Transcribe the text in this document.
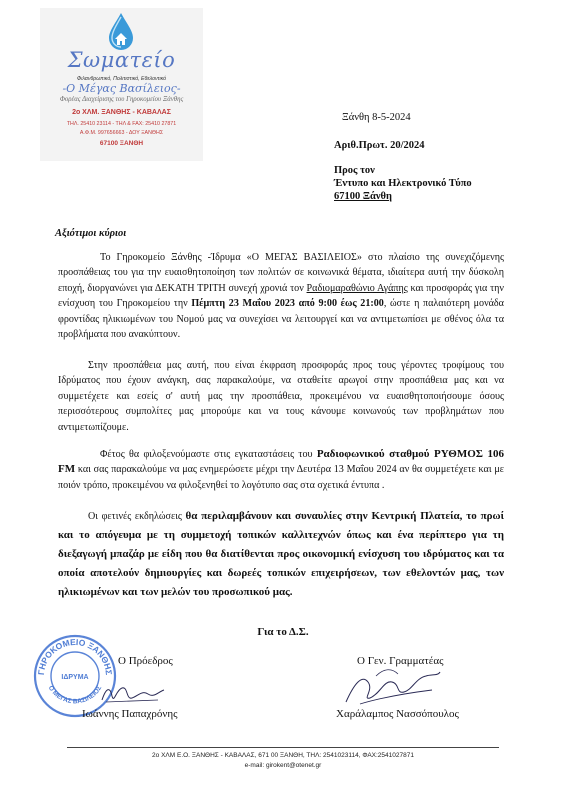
Σωματείο
Φιλανθρωπικό, Πολιτιστικό, Εθελοντικό
-Ο Μέγας Βασίλειος-
Φορέας Διαχείρισης του Γηροκομείου Ξάνθης
2ο ΧΛΜ. ΞΑΝΘΗΣ - ΚΑΒΑΛΑΣ
ΤΗΛ. 25410 23114 - ΤΗΛ & FAX: 25410 27871
Α.Φ.Μ. 997656663 - ΔΟΥ ΞΑΝΘΗΣ
67100 ΞΑΝΘΗ
Ξάνθη 8-5-2024
Αριθ.Πρωτ. 20/2024
Προς τον
Έντυπο και Ηλεκτρονικό Τύπο
67100 Ξάνθη
Αξιότιμοι κύριοι

Το Γηροκομείο Ξάνθης -Ίδρυμα «Ο ΜΕΓΑΣ ΒΑΣΙΛΕΙΟΣ» στο πλαίσιο της συνεχιζόμενης προσπάθειας του για την ευαισθητοποίηση των πολιτών σε κοινωνικά θέματα, ιδιαίτερα αυτή την δύσκολη εποχή, διοργανώνει για ΔΕΚΑΤΗ ΤΡΙΤΗ συνεχή χρονιά τον Ραδιομαραθώνιο Αγάπης και προσφοράς για την ενίσχυση του Γηροκομείου την Πέμπτη 23 Μαΐου 2023 από 9:00 έως 21:00, ώστε η παλαιότερη μονάδα φροντίδας ηλικιωμένων του Νομού μας να συνεχίσει να λειτουργεί και να αντιμετωπίσει με σθένος όλα τα προβλήματα που ανακύπτουν.

Στην προσπάθεια μας αυτή, που είναι έκφραση προσφοράς προς τους γέροντες τροφίμους του Ιδρύματος που έχουν ανάγκη, σας παρακαλούμε, να σταθείτε αρωγοί στην προσπάθεια μας και να συμμετέχετε και εσείς σ' αυτή μας την προσπάθεια, προκειμένου να ευαισθητοποιήσουμε όσους περισσότερους συμπολίτες μας μπορούμε και να τους κάνουμε κοινωνούς των προβλημάτων που αντιμετωπίζουμε.

Φέτος θα φιλοξενούμαστε στις εγκαταστάσεις του Ραδιοφωνικού σταθμού ΡΥΘΜΟΣ 106 FM και σας παρακαλούμε να μας ενημερώσετε μέχρι την Δευτέρα 13 Μαΐου 2024 αν θα συμμετέχετε και με ποιόν τρόπο, προκειμένου να φιλοξενηθεί το λογότυπο σας στα σχετικά έντυπα .

Οι φετινές εκδηλώσεις θα περιλαμβάνουν και συναυλίες στην Κεντρική Πλατεία, το πρωί και το απόγευμα με τη συμμετοχή τοπικών καλλιτεχνών όπως και ένα περίπτερο για τη διεξαγωγή μπαζάρ με είδη που θα διατίθενται προς οικονομική ενίσχυση του ιδρύματος και τα οποία αποτελούν δημιουργίες και δωρεές τοπικών επιχειρήσεων, των εθελοντών μας, των ηλικιωμένων και των μελών του προσωπικού μας.

Για το Δ.Σ.
Ο Πρόεδρος	Ο Γεν. Γραμματέας
ΓΗΡΟΚΟΜΕΙΟ ΞΑΝΘΗΣ
Ο ΜΕΓΑΣ ΒΑΣΙΛΕΙΟΣ
ΙΔΡΥΜΑ
Ιωάννης Παπαχρόνης	Χαράλαμπος Νασσόπουλος
2ο ΧΛΜ Ε.Ο. ΞΑΝΘΗΣ - ΚΑΒΑΛΑΣ, 671 00 ΞΑΝΘΗ, ΤΗΛ: 2541023114, ΦΑΧ:2541027871
e-mail: girokent@otenet.gr
